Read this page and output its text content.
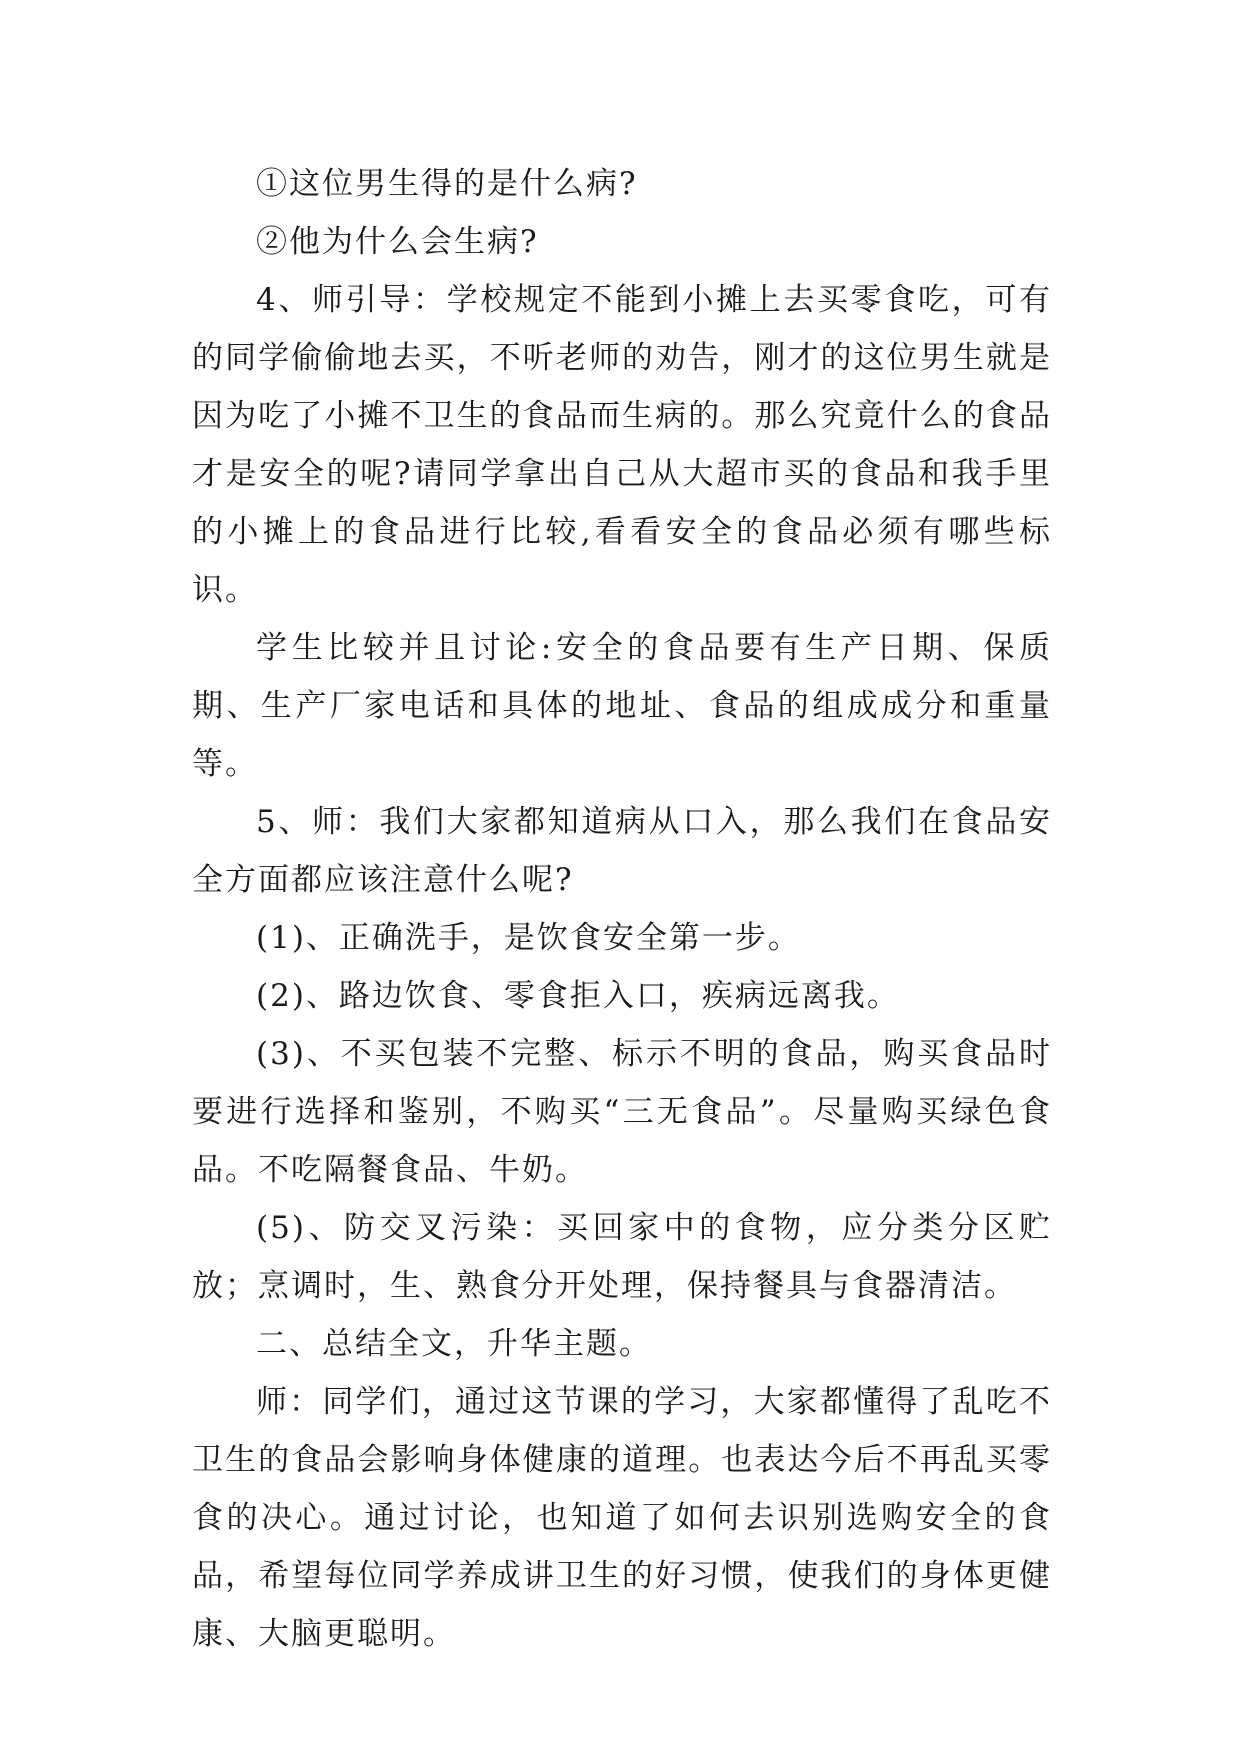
①这位男生得的是什么病?

②他为什么会生病?

4、师引导：学校规定不能到小摊上去买零食吃，可有的同学偷偷地去买，不听老师的劝告，刚才的这位男生就是因为吃了小摊不卫生的食品而生病的。那么究竟什么的食品才是安全的呢?请同学拿出自己从大超市买的食品和我手里的小摊上的食品进行比较,看看安全的食品必须有哪些标识。

学生比较并且讨论:安全的食品要有生产日期、保质期、生产厂家电话和具体的地址、食品的组成成分和重量等。

5、师：我们大家都知道病从口入，那么我们在食品安全方面都应该注意什么呢?

(1)、正确洗手，是饮食安全第一步。

(2)、路边饮食、零食拒入口，疾病远离我。

(3)、不买包装不完整、标示不明的食品，购买食品时要进行选择和鉴别，不购买“三无食品”。尽量购买绿色食品。不吃隔餐食品、牛奶。

(5)、防交叉污染：买回家中的食物，应分类分区贮放；烹调时，生、熟食分开处理，保持餐具与食器清洁。

二、总结全文，升华主题。

师：同学们，通过这节课的学习，大家都懂得了乱吃不卫生的食品会影响身体健康的道理。也表达今后不再乱买零食的决心。通过讨论，也知道了如何去识别选购安全的食品，希望每位同学养成讲卫生的好习惯，使我们的身体更健康、大脑更聪明。
